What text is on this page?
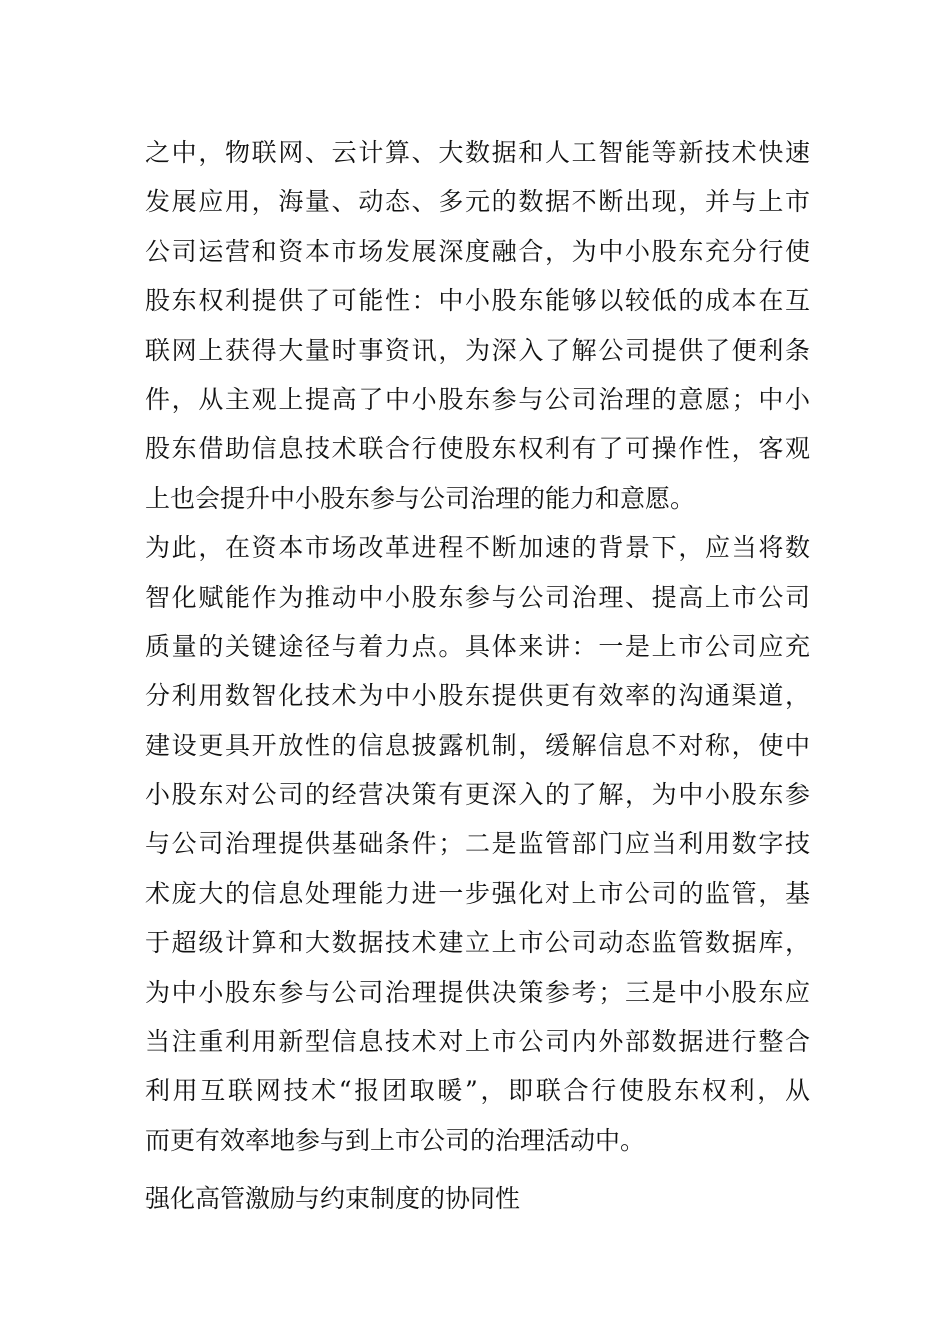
之中，物联网、云计算、大数据和人工智能等新技术快速
发展应用，海量、动态、多元的数据不断出现，并与上市
公司运营和资本市场发展深度融合，为中小股东充分行使
股东权利提供了可能性：中小股东能够以较低的成本在互
联网上获得大量时事资讯，为深入了解公司提供了便利条
件，从主观上提高了中小股东参与公司治理的意愿；中小
股东借助信息技术联合行使股东权利有了可操作性，客观
上也会提升中小股东参与公司治理的能力和意愿。
为此，在资本市场改革进程不断加速的背景下，应当将数
智化赋能作为推动中小股东参与公司治理、提高上市公司
质量的关键途径与着力点。具体来讲：一是上市公司应充
分利用数智化技术为中小股东提供更有效率的沟通渠道，
建设更具开放性的信息披露机制，缓解信息不对称，使中
小股东对公司的经营决策有更深入的了解，为中小股东参
与公司治理提供基础条件；二是监管部门应当利用数字技
术庞大的信息处理能力进一步强化对上市公司的监管，基
于超级计算和大数据技术建立上市公司动态监管数据库，
为中小股东参与公司治理提供决策参考；三是中小股东应
当注重利用新型信息技术对上市公司内外部数据进行整合
利用互联网技术“报团取暖”，即联合行使股东权利，从
而更有效率地参与到上市公司的治理活动中。
强化高管激励与约束制度的协同性
